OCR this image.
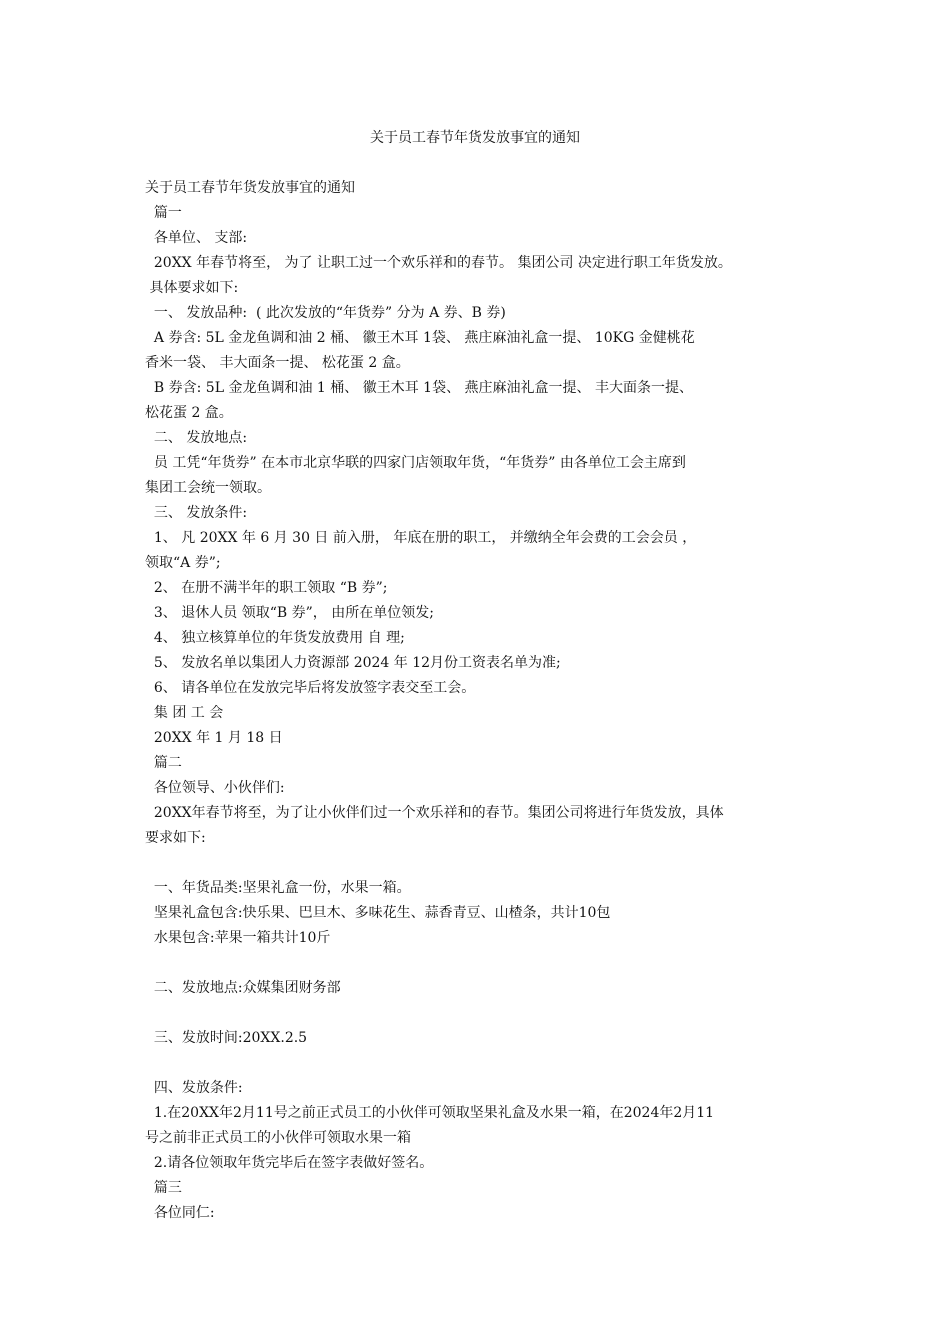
关于员工春节年货发放事宜的通知
关于员工春节年货发放事宜的通知
篇一
各单位、 支部:
20XX 年春节将至， 为了 让职工过一个欢乐祥和的春节。 集团公司 决定进行职工年货发放。
具体要求如下:
一、 发放品种:  ( 此次发放的“年货券” 分为 A 券、B 券)
A 券含: 5L 金龙鱼调和油 2 桶、 徽王木耳 1袋、 燕庄麻油礼盒一提、 10KG 金健桃花
香米一袋、 丰大面条一提、 松花蛋 2 盒。
B 券含: 5L 金龙鱼调和油 1 桶、 徽王木耳 1袋、 燕庄麻油礼盒一提、 丰大面条一提、
松花蛋 2 盒。
二、 发放地点:
员 工凭“年货券” 在本市北京华联的四家门店领取年货，“年货券” 由各单位工会主席到
集团工会统一领取。
三、 发放条件:
1、 凡 20XX 年 6 月 30 日 前入册， 年底在册的职工， 并缴纳全年会费的工会会员 ，
领取“A 券”;
2、 在册不满半年的职工领取 “B 券”;
3、 退休人员 领取“B 券”， 由所在单位领发;
4、 独立核算单位的年货发放费用 自 理;
5、 发放名单以集团人力资源部 2024 年 12月份工资表名单为准;
6、 请各单位在发放完毕后将发放签字表交至工会。
集 团 工 会
20XX 年 1 月 18 日
篇二
各位领导、小伙伴们:
20XX年春节将至，为了让小伙伴们过一个欢乐祥和的春节。集团公司将进行年货发放，具体
要求如下:
一、年货品类:坚果礼盒一份，水果一箱。
坚果礼盒包含:快乐果、巴旦木、多味花生、蒜香青豆、山楂条，共计10包
水果包含:苹果一箱共计10斤
二、发放地点:众媒集团财务部
三、发放时间:20XX.2.5
四、发放条件:
1.在20XX年2月11号之前正式员工的小伙伴可领取坚果礼盒及水果一箱，在2024年2月11
号之前非正式员工的小伙伴可领取水果一箱
2.请各位领取年货完毕后在签字表做好签名。
篇三
各位同仁:
